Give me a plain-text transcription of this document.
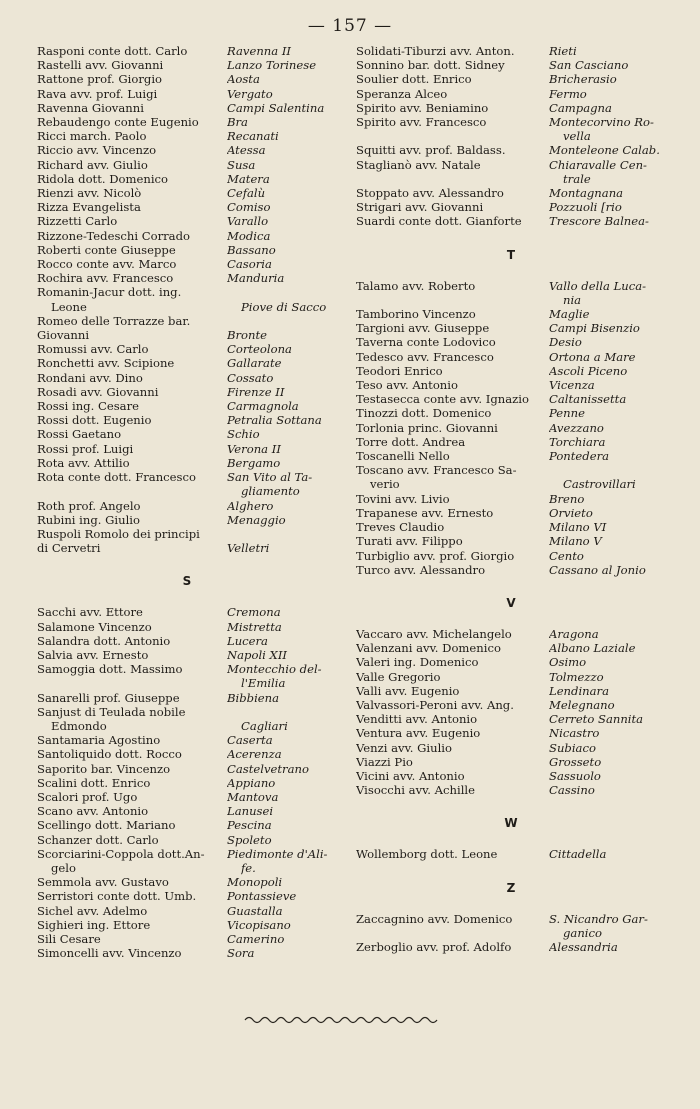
— 157 —
Rasponi conte dott. Carlo	Ravenna II
Rastelli avv. Giovanni	Lanzo Torinese
Rattone prof. Giorgio	Aosta
Rava avv. prof. Luigi	Vergato
Ravenna Giovanni	Campi Salentina
Rebaudengo conte Eugenio	Bra
Ricci march. Paolo	Recanati
Riccio avv. Vincenzo	Atessa
Richard avv. Giulio	Susa
Ridola dott. Domenico	Matera
Rienzi avv. Nicolò	Cefalù
Rizza Evangelista	Comiso
Rizzetti Carlo	Varallo
Rizzone-Tedeschi Corrado	Modica
Roberti conte Giuseppe	Bassano
Rocco conte avv. Marco	Casoria
Rochira avv. Francesco	Manduria
Romanin-Jacur dott. ing.
Leone	Piove di Sacco
Romeo delle Torrazze bar.
Giovanni	Bronte
Romussi avv. Carlo	Corteolona
Ronchetti avv. Scipione	Gallarate
Rondani avv. Dino	Cossato
Rosadi avv. Giovanni	Firenze II
Rossi ing. Cesare	Carmagnola
Rossi dott. Eugenio	Petralia Sottana
Rossi Gaetano	Schio
Rossi prof. Luigi	Verona II
Rota avv. Attilio	Bergamo
Rota conte dott. Francesco	San Vito al Ta-
gliamento
Roth prof. Angelo	Alghero
Rubini ing. Giulio	Menaggio
Ruspoli Romolo dei principi
di Cervetri	Velletri
S
Sacchi avv. Ettore	Cremona
Salamone Vincenzo	Mistretta
Salandra dott. Antonio	Lucera
Salvia avv. Ernesto	Napoli XII
Samoggia dott. Massimo	Montecchio del-
l'Emilia
Sanarelli prof. Giuseppe	Bibbiena
Sanjust di Teulada nobile
Edmondo	Cagliari
Santamaria Agostino	Caserta
Santoliquido dott. Rocco	Acerenza
Saporito bar. Vincenzo	Castelvetrano
Scalini dott. Enrico	Appiano
Scalori prof. Ugo	Mantova
Scano avv. Antonio	Lanusei
Scellingo dott. Mariano	Pescina
Schanzer dott. Carlo	Spoleto
Scorciarini-Coppola dott.An-	Piedimonte d'Ali-
gelo	fe.
Semmola avv. Gustavo	Monopoli
Serristori conte dott. Umb.	Pontassieve
Sichel avv. Adelmo	Guastalla
Sighieri ing. Ettore	Vicopisano
Sili Cesare	Camerino
Simoncelli avv. Vincenzo	Sora
Solidati-Tiburzi avv. Anton.	Rieti
Sonnino bar. dott. Sidney	San Casciano
Soulier dott. Enrico	Bricherasio
Speranza Alceo	Fermo
Spirito avv. Beniamino	Campagna
Spirito avv. Francesco	Montecorvino Ro-
vella
Squitti avv. prof. Baldass.	Monteleone Calab.
Staglianò avv. Natale	Chiaravalle Cen-
trale
Stoppato avv. Alessandro	Montagnana
Strigari avv. Giovanni	Pozzuoli [rio
Suardi conte dott. Gianforte	Trescore Balnea-
T
Talamo avv. Roberto	Vallo della Luca-
nia
Tamborino Vincenzo	Maglie
Targioni avv. Giuseppe	Campi Bisenzio
Taverna conte Lodovico	Desio
Tedesco avv. Francesco	Ortona a Mare
Teodori Enrico	Ascoli Piceno
Teso avv. Antonio	Vicenza
Testasecca conte avv. Ignazio	Caltanissetta
Tinozzi dott. Domenico	Penne
Torlonia princ. Giovanni	Avezzano
Torre dott. Andrea	Torchiara
Toscanelli Nello	Pontedera
Toscano avv. Francesco Sa-
verio	Castrovillari
Tovini avv. Livio	Breno
Trapanese avv. Ernesto	Orvieto
Treves Claudio	Milano VI
Turati avv. Filippo	Milano V
Turbiglio avv. prof. Giorgio	Cento
Turco avv. Alessandro	Cassano al Jonio
V
Vaccaro avv. Michelangelo	Aragona
Valenzani avv. Domenico	Albano Laziale
Valeri ing. Domenico	Osimo
Valle Gregorio	Tolmezzo
Valli avv. Eugenio	Lendinara
Valvassori-Peroni avv. Ang.	Melegnano
Venditti avv. Antonio	Cerreto Sannita
Ventura avv. Eugenio	Nicastro
Venzi avv. Giulio	Subiaco
Viazzi Pio	Grosseto
Vicini avv. Antonio	Sassuolo
Visocchi avv. Achille	Cassino
W
Wollemborg dott. Leone	Cittadella
Z
Zaccagnino avv. Domenico	S. Nicandro Gar-
ganico
Zerboglio avv. prof. Adolfo	Alessandria
